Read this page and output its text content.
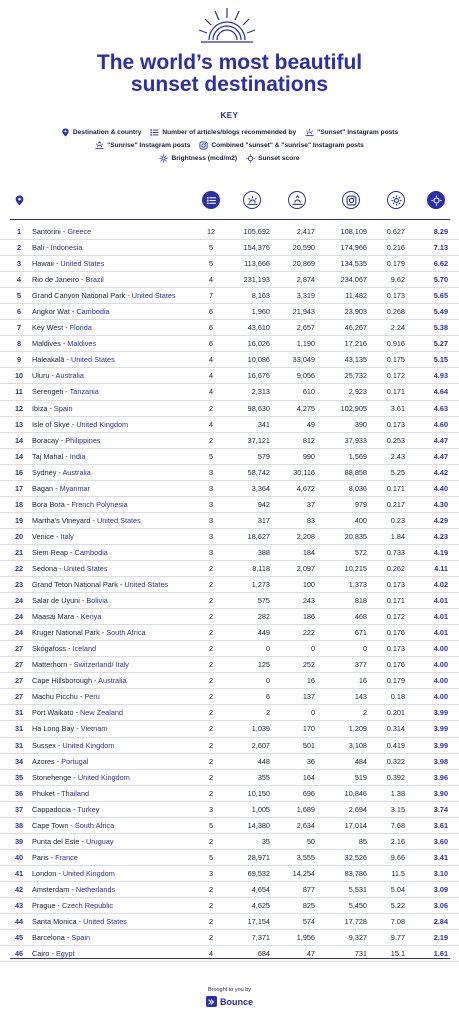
The world’s most beautiful
sunset destinations
KEY
Destination & country	Number of articles/blogs recommended by	"Sunset" Instagram posts
"Sunrise" Instagram posts	Combined "sunset" & "sunrise" Instagram posts
Brightness (mcd/m2)	Sunset score
1	Santorini - Greece	12	105,692	2,417	108,109	0.627	8.29
2	Bali - Indonesia	5	154,376	20,590	174,966	0.216	7.13
3	Hawaii - United States	5	113,666	20,869	134,535	0.179	6.62
4	Rio de Janeiro - Brazil	4	231,193	2,874	234,067	9.62	5.70
5	Grand Canyon National Park - United States	7	8,163	3,319	11,482	0.173	5.65
6	Angkor Wat - Cambodia	6	1,960	21,943	23,903	0.268	5.49
7	Key West - Florida	6	43,610	2,657	46,267	2.24	5.38
8	Maldives - Maldives	6	16,026	1,190	17,216	0.916	5.27
9	Haleakalā - United States	4	10,086	33,049	43,135	0.175	5.15
10	Uluru - Australia	4	16,676	9,056	25,732	0.172	4.93
11	Serengeti - Tanzania	4	2,313	610	2,923	0.171	4.64
12	Ibiza - Spain	2	98,630	4,275	102,905	3.61	4.63
13	Isle of Skye - United Kingdom	4	341	49	390	0.173	4.60
14	Boracay - Philippines	2	37,121	812	37,933	0.253	4.47
14	Taj Mahal - India	5	579	990	1,569	2.43	4.47
16	Sydney - Australia	3	58,742	30,116	88,858	5.25	4.42
17	Bagan - Myanmar	3	3,364	4,672	8,036	0.171	4.40
18	Bora Bora - French Polynesia	3	942	37	979	0.217	4.30
19	Martha's Vineyard - United States	3	317	83	400	0.23	4.29
20	Venice - Italy	3	18,627	2,208	20,835	1.84	4.23
21	Siem Reap - Cambodia	3	388	184	572	0.733	4.19
22	Sedona - United States	2	8,118	2,097	10,215	0.262	4.11
23	Grand Teton National Park - United States	2	1,273	100	1,373	0.173	4.02
24	Salar de Uyuni - Bolivia	2	575	243	818	0.171	4.01
24	Maasai Mara - Kenya	2	282	186	468	0.172	4.01
24	Kruger National Park - South Africa	2	449	222	671	0.176	4.01
27	Skógafoss - Iceland	2	0	0	0	0.173	4.00
27	Matterhorn - Switzerland/ Italy	2	125	252	377	0.176	4.00
27	Cape Hillsborough - Australia	2	0	16	16	0.179	4.00
27	Machu Picchu - Peru	2	6	137	143	0.18	4.00
31	Port Waikato - New Zealand	2	2	0	2	0.201	3.99
31	Ha Long Bay - Vietnam	2	1,039	170	1,209	0.314	3.99
31	Sussex - United Kingdom	2	2,607	501	3,108	0.419	3.99
34	Azores - Portugal	2	448	36	484	0.322	3.98
35	Stonehenge - United Kingdom	2	355	164	519	0.392	3.96
36	Phuket - Thailand	2	10,150	696	10,846	1.38	3.90
37	Cappadocia - Turkey	3	1,005	1,689	2,694	3.15	3.74
38	Cape Town - South Africa	5	14,380	2,634	17,014	7.68	3.61
39	Punta del Este - Uruguay	2	35	50	85	2.16	3.60
40	Paris - France	5	28,971	3,555	32,526	9.66	3.41
41	London - United Kingdom	3	69,532	14,254	83,786	11.5	3.10
42	Amsterdam - Netherlands	2	4,654	877	5,531	5.04	3.09
43	Prague - Czech Republic	2	4,625	825	5,450	5.22	3.06
44	Santa Monica - United States	2	17,154	574	17,728	7.08	2.84
45	Barcelona - Spain	2	7,371	1,956	9,327	9.77	2.19
46	Cairo - Egypt	4	684	47	731	15.1	1.61
Brought to you by
Bounce
